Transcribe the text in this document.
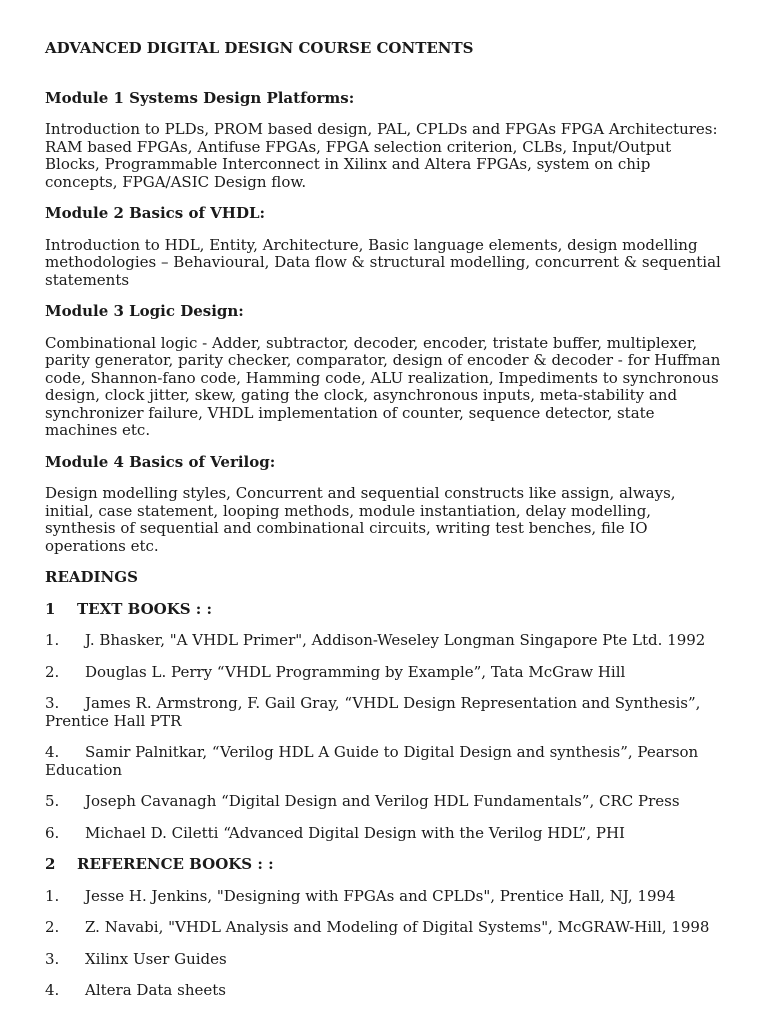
ADVANCED DIGITAL DESIGN COURSE CONTENTS

Module 1 Systems Design Platforms:

Introduction to PLDs, PROM based design, PAL, CPLDs and FPGAs FPGA Architectures: RAM based FPGAs, Antifuse FPGAs, FPGA selection criterion, CLBs, Input/Output Blocks, Programmable Interconnect in Xilinx and Altera FPGAs, system on chip concepts, FPGA/ASIC Design flow.

Module 2 Basics of VHDL:

Introduction to HDL, Entity, Architecture, Basic language elements, design modelling methodologies – Behavioural, Data flow & structural modelling, concurrent & sequential statements

Module 3 Logic Design:

Combinational logic - Adder, subtractor, decoder, encoder, tristate buffer, multiplexer, parity generator, parity checker, comparator, design of encoder & decoder - for Huffman code, Shannon-fano code, Hamming code, ALU realization, Impediments to synchronous design, clock jitter, skew, gating the clock, asynchronous inputs, meta-stability and synchronizer failure, VHDL implementation of counter, sequence detector, state machines etc.

Module 4 Basics of Verilog:

Design modelling styles, Concurrent and sequential constructs like assign, always, initial, case statement, looping methods, module instantiation, delay modelling, synthesis of sequential and combinational circuits, writing test benches, file IO operations etc.

READINGS

1 TEXT BOOKS : :

1. J. Bhasker, "A VHDL Primer", Addison-Weseley Longman Singapore Pte Ltd. 1992

2. Douglas L. Perry “VHDL Programming by Example”, Tata McGraw Hill

3. James R. Armstrong, F. Gail Gray, “VHDL Design Representation and Synthesis”, Prentice Hall PTR

4. Samir Palnitkar, “Verilog HDL A Guide to Digital Design and synthesis”, Pearson Education

5. Joseph Cavanagh “Digital Design and Verilog HDL Fundamentals”, CRC Press

6. Michael D. Ciletti “Advanced Digital Design with the Verilog HDL”, PHI

2 REFERENCE BOOKS : :

1. Jesse H. Jenkins, "Designing with FPGAs and CPLDs", Prentice Hall, NJ, 1994

2. Z. Navabi, "VHDL Analysis and Modeling of Digital Systems", McGRAW-Hill, 1998

3. Xilinx User Guides

4. Altera Data sheets
